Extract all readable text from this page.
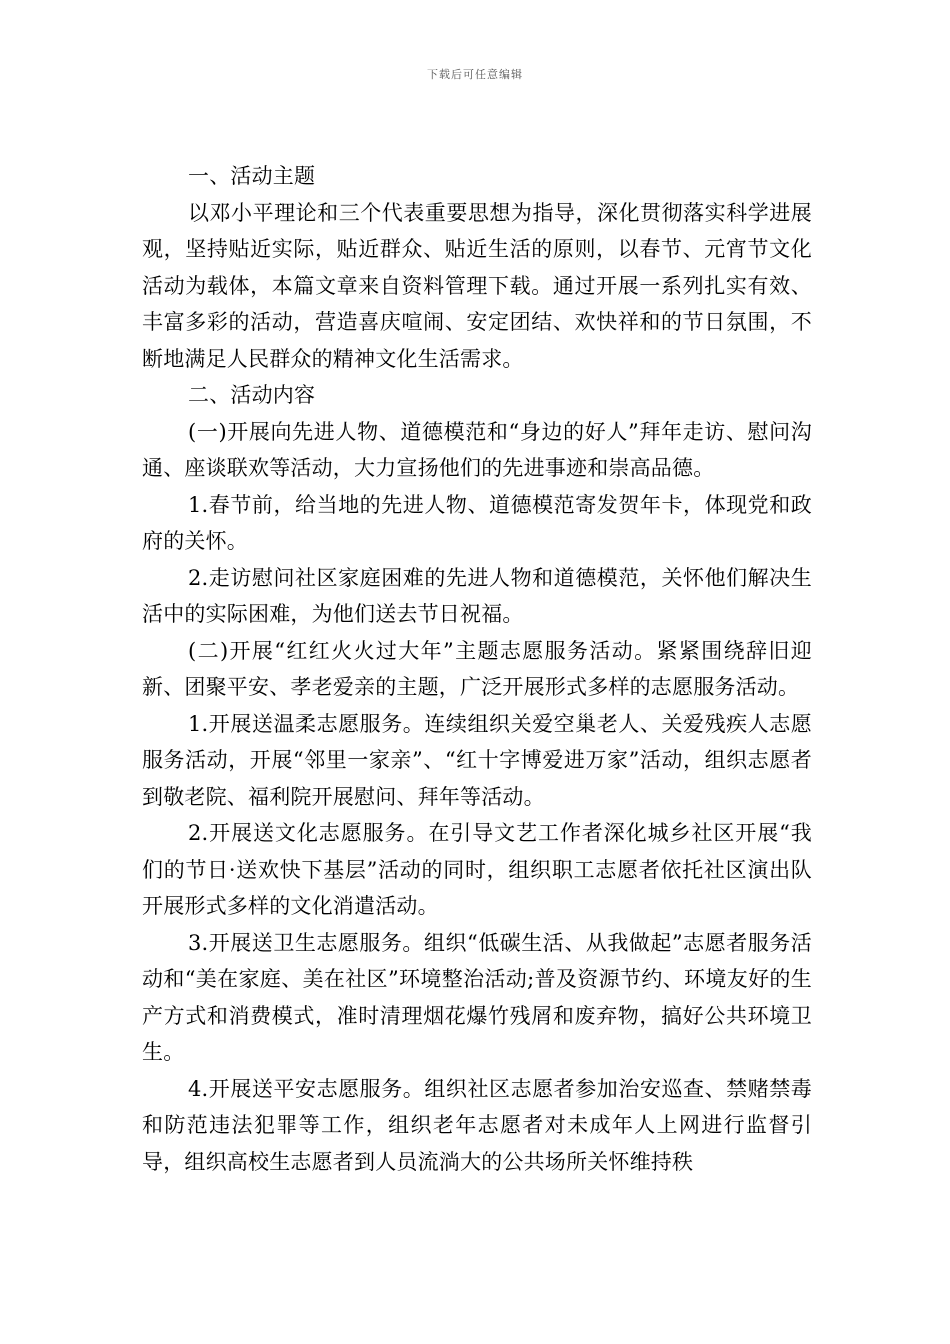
下载后可任意编辑

一、活动主题

以邓小平理论和三个代表重要思想为指导，深化贯彻落实科学进展观，坚持贴近实际，贴近群众、贴近生活的原则，以春节、元宵节文化活动为载体，本篇文章来自资料管理下载。通过开展一系列扎实有效、丰富多彩的活动，营造喜庆喧闹、安定团结、欢快祥和的节日氛围，不断地满足人民群众的精神文化生活需求。

二、活动内容

(一)开展向先进人物、道德模范和“身边的好人”拜年走访、慰问沟通、座谈联欢等活动，大力宣扬他们的先进事迹和崇高品德。

1.春节前，给当地的先进人物、道德模范寄发贺年卡，体现党和政府的关怀。

2.走访慰问社区家庭困难的先进人物和道德模范，关怀他们解决生活中的实际困难，为他们送去节日祝福。

(二)开展“红红火火过大年”主题志愿服务活动。紧紧围绕辞旧迎新、团聚平安、孝老爱亲的主题，广泛开展形式多样的志愿服务活动。

1.开展送温柔志愿服务。连续组织关爱空巢老人、关爱残疾人志愿服务活动，开展“邻里一家亲”、“红十字博爱进万家”活动，组织志愿者到敬老院、福利院开展慰问、拜年等活动。

2.开展送文化志愿服务。在引导文艺工作者深化城乡社区开展“我们的节日·送欢快下基层”活动的同时，组织职工志愿者依托社区演出队开展形式多样的文化消遣活动。

3.开展送卫生志愿服务。组织“低碳生活、从我做起”志愿者服务活动和“美在家庭、美在社区”环境整治活动;普及资源节约、环境友好的生产方式和消费模式，准时清理烟花爆竹残屑和废弃物，搞好公共环境卫生。

4.开展送平安志愿服务。组织社区志愿者参加治安巡查、禁赌禁毒和防范违法犯罪等工作，组织老年志愿者对未成年人上网进行监督引导，组织高校生志愿者到人员流淌大的公共场所关怀维持秩
